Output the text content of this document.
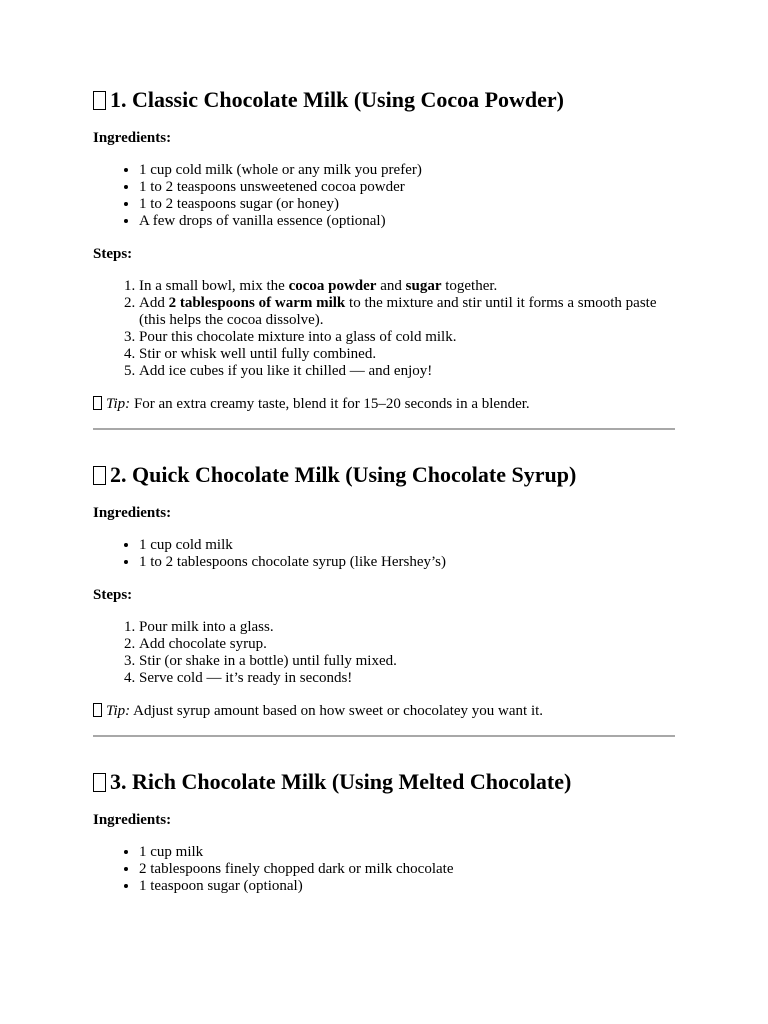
1. Classic Chocolate Milk (Using Cocoa Powder)

Ingredients:

• 1 cup cold milk (whole or any milk you prefer)
• 1 to 2 teaspoons unsweetened cocoa powder
• 1 to 2 teaspoons sugar (or honey)
• A few drops of vanilla essence (optional)

Steps:

1. In a small bowl, mix the cocoa powder and sugar together.
2. Add 2 tablespoons of warm milk to the mixture and stir until it forms a smooth paste (this helps the cocoa dissolve).
3. Pour this chocolate mixture into a glass of cold milk.
4. Stir or whisk well until fully combined.
5. Add ice cubes if you like it chilled — and enjoy!

Tip: For an extra creamy taste, blend it for 15–20 seconds in a blender.

2. Quick Chocolate Milk (Using Chocolate Syrup)

Ingredients:

• 1 cup cold milk
• 1 to 2 tablespoons chocolate syrup (like Hershey’s)

Steps:

1. Pour milk into a glass.
2. Add chocolate syrup.
3. Stir (or shake in a bottle) until fully mixed.
4. Serve cold — it’s ready in seconds!

Tip: Adjust syrup amount based on how sweet or chocolatey you want it.

3. Rich Chocolate Milk (Using Melted Chocolate)

Ingredients:

• 1 cup milk
• 2 tablespoons finely chopped dark or milk chocolate
• 1 teaspoon sugar (optional)
